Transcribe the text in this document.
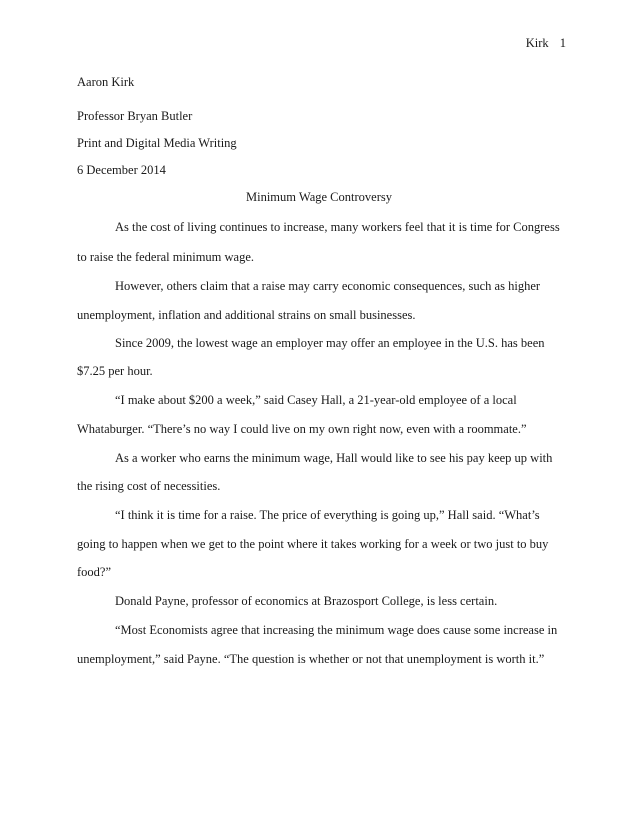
Kirk 1
Aaron Kirk
Professor Bryan Butler
Print and Digital Media Writing
6 December 2014
Minimum Wage Controversy
As the cost of living continues to increase, many workers feel that it is time for Congress
to raise the federal minimum wage.
However, others claim that a raise may carry economic consequences, such as higher
unemployment, inflation and additional strains on small businesses.
Since 2009, the lowest wage an employer may offer an employee in the U.S. has been
$7.25 per hour.
“I make about $200 a week,” said Casey Hall, a 21-year-old employee of a local
Whataburger. “There’s no way I could live on my own right now, even with a roommate.”
As a worker who earns the minimum wage, Hall would like to see his pay keep up with
the rising cost of necessities.
“I think it is time for a raise. The price of everything is going up,” Hall said. “What’s
going to happen when we get to the point where it takes working for a week or two just to buy
food?”
Donald Payne, professor of economics at Brazosport College, is less certain.
“Most Economists agree that increasing the minimum wage does cause some increase in
unemployment,” said Payne. “The question is whether or not that unemployment is worth it.”
